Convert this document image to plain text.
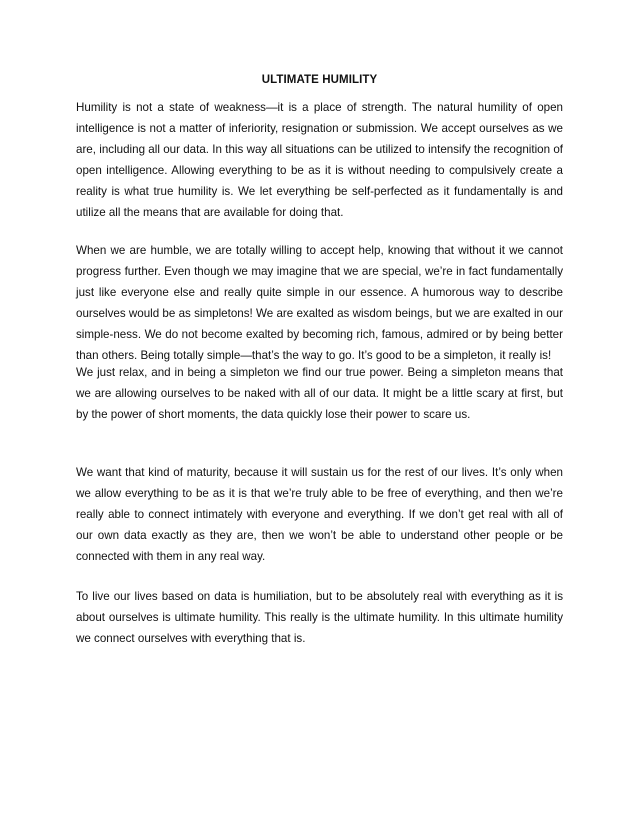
ULTIMATE HUMILITY

Humility is not a state of weakness—it is a place of strength. The natural humility of open intelligence is not a matter of inferiority, resignation or submission. We accept ourselves as we are, including all our data. In this way all situations can be utilized to intensify the recognition of open intelligence. Allowing everything to be as it is without needing to compulsively create a reality is what true humility is. We let everything be self-perfected as it fundamentally is and utilize all the means that are available for doing that.

When we are humble, we are totally willing to accept help, knowing that without it we cannot progress further. Even though we may imagine that we are special, we’re in fact fundamentally just like everyone else and really quite simple in our essence. A humorous way to describe ourselves would be as simpletons! We are exalted as wisdom beings, but we are exalted in our simple-ness. We do not become exalted by becoming rich, famous, admired or by being better than others. Being totally simple—that’s the way to go. It’s good to be a simpleton, it really is!

We just relax, and in being a simpleton we find our true power. Being a simpleton means that we are allowing ourselves to be naked with all of our data. It might be a little scary at first, but by the power of short moments, the data quickly lose their power to scare us.

We want that kind of maturity, because it will sustain us for the rest of our lives. It’s only when we allow everything to be as it is that we’re truly able to be free of everything, and then we’re really able to connect intimately with everyone and everything. If we don’t get real with all of our own data exactly as they are, then we won’t be able to understand other people or be connected with them in any real way.

To live our lives based on data is humiliation, but to be absolutely real with everything as it is about ourselves is ultimate humility. This really is the ultimate humility. In this ultimate humility we connect ourselves with everything that is.
